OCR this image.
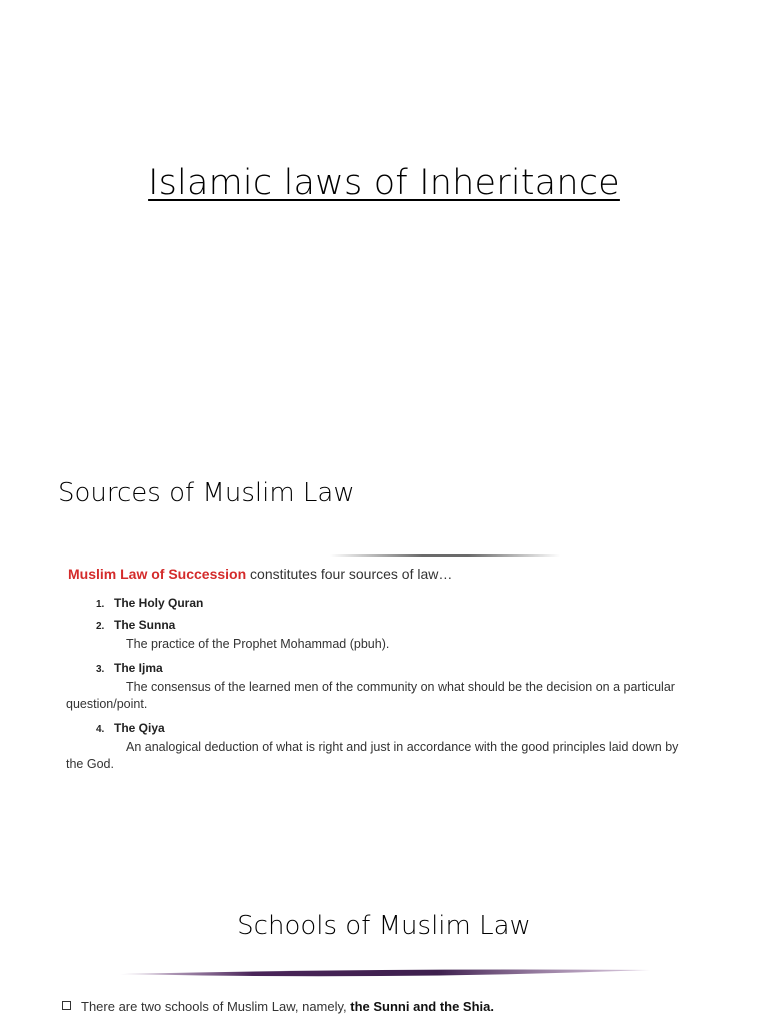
Islamic laws of Inheritance
Sources of Muslim Law
Muslim Law of Succession constitutes four sources of law…
1. The Holy Quran
2. The Sunna

The practice of the Prophet Mohammad (pbuh).

3. The Ijma

The consensus of the learned men of the community on what should be the decision on a particular question/point.

4. The Qiya

An analogical deduction of what is right and just in accordance with the good principles laid down by the God.

Schools of Muslim Law
There are two schools of Muslim Law, namely, the Sunni and the Shia.
